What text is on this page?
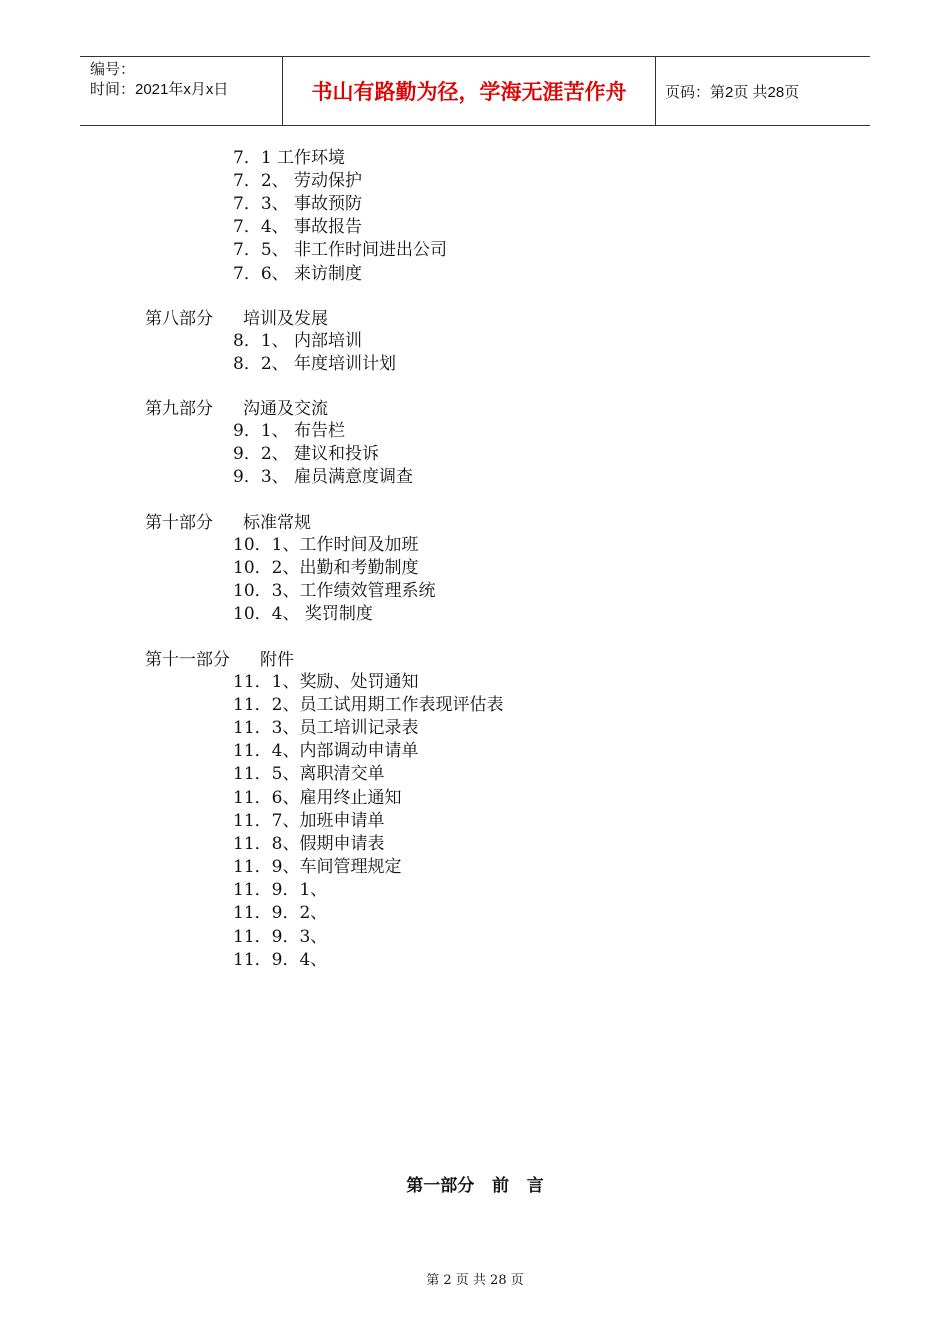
编号：
时间：2021年x月x日	书山有路勤为径，学海无涯苦作舟	页码：第2页 共28页
7．1 工作环境
7．2、 劳动保护
7．3、 事故预防
7．4、 事故报告
7．5、 非工作时间进出公司
7．6、 来访制度
第八部分 培训及发展
8．1、 内部培训
8．2、 年度培训计划
第九部分 沟通及交流
9．1、 布告栏
9．2、 建议和投诉
9．3、 雇员满意度调查
第十部分 标准常规
10．1、工作时间及加班
10．2、出勤和考勤制度
10．3、工作绩效管理系统
10．4、 奖罚制度
第十一部分 附件
11．1、奖励、处罚通知
11．2、员工试用期工作表现评估表
11．3、员工培训记录表
11．4、内部调动申请单
11．5、离职清交单
11．6、雇用终止通知
11．7、加班申请单
11．8、假期申请表
11．9、车间管理规定
11．9．1、
11．9．2、
11．9．3、
11．9．4、
第一部分   前   言
第 2 页 共 28 页
